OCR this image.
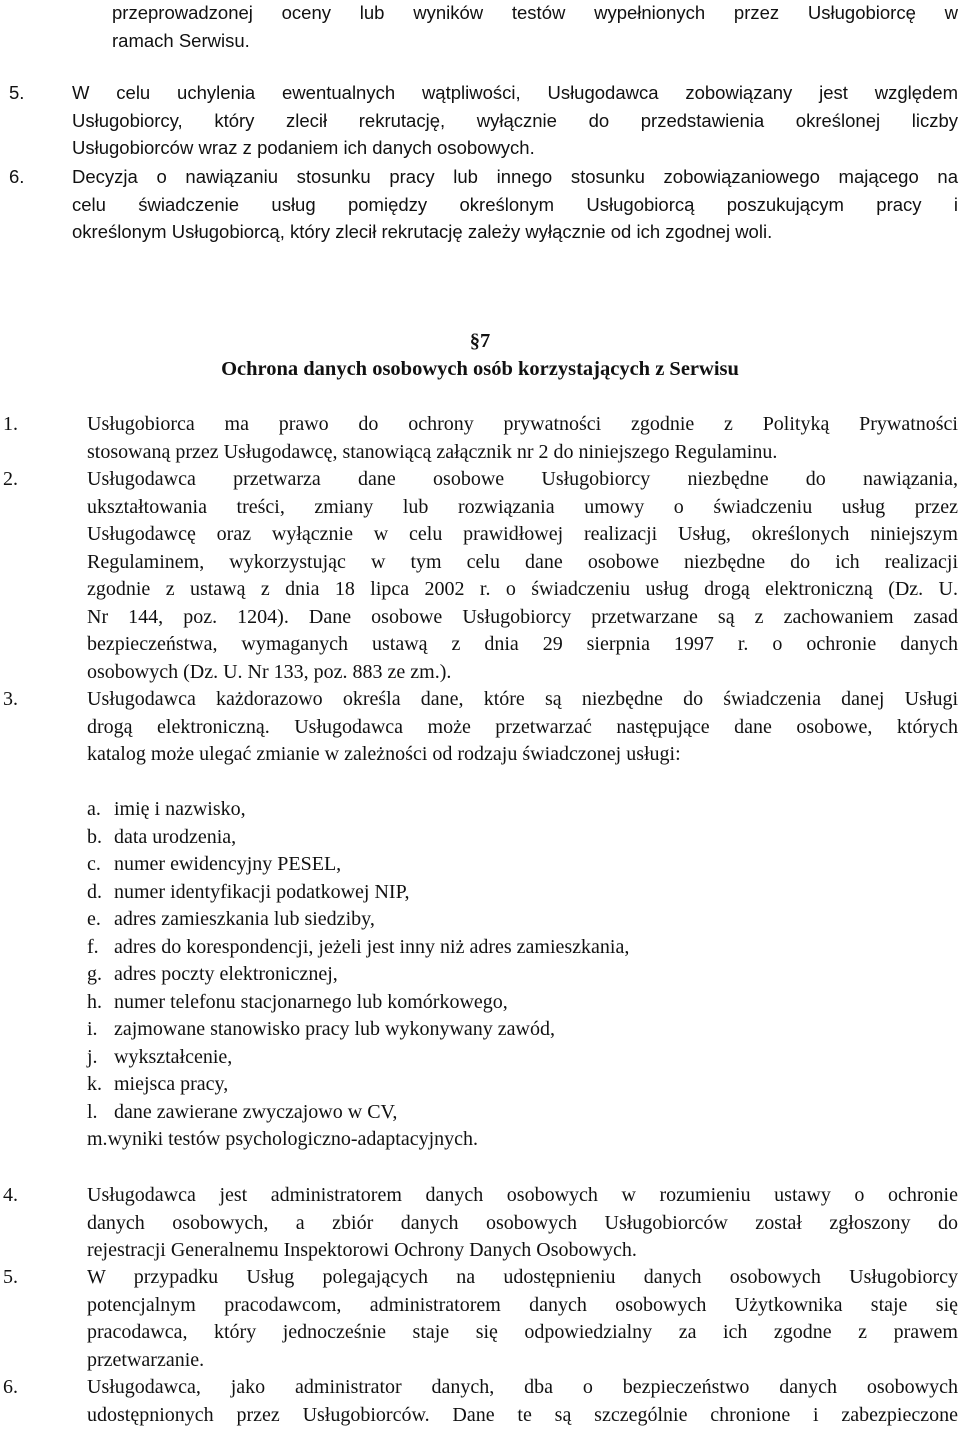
przeprowadzonej oceny lub wyników testów wypełnionych przez Usługobiorcę w
ramach Serwisu.
5.	W celu uchylenia ewentualnych wątpliwości, Usługodawca zobowiązany jest względem
Usługobiorcy, który zlecił rekrutację, wyłącznie do przedstawienia określonej liczby
Usługobiorców wraz z podaniem ich danych osobowych.
6.	Decyzja o nawiązaniu stosunku pracy lub innego stosunku zobowiązaniowego mającego na
celu świadczenie usług pomiędzy określonym Usługobiorcą poszukującym pracy i
określonym Usługobiorcą, który zlecił rekrutację zależy wyłącznie od ich zgodnej woli.
§7
Ochrona danych osobowych osób korzystających z Serwisu
1.	Usługobiorca ma prawo do ochrony prywatności zgodnie z Polityką Prywatności
stosowaną przez Usługodawcę, stanowiącą załącznik nr 2 do niniejszego Regulaminu.
2.	Usługodawca przetwarza dane osobowe Usługobiorcy niezbędne do nawiązania,
ukształtowania treści, zmiany lub rozwiązania umowy o świadczeniu usług przez
Usługodawcę oraz wyłącznie w celu prawidłowej realizacji Usług, określonych niniejszym
Regulaminem, wykorzystując w tym celu dane osobowe niezbędne do ich realizacji
zgodnie z ustawą z dnia 18 lipca 2002 r. o świadczeniu usług drogą elektroniczną (Dz. U.
Nr 144, poz. 1204). Dane osobowe Usługobiorcy przetwarzane są z zachowaniem zasad
bezpieczeństwa, wymaganych ustawą z dnia 29 sierpnia 1997 r. o ochronie danych
osobowych (Dz. U. Nr 133, poz. 883 ze zm.).
3.	Usługodawca każdorazowo określa dane, które są niezbędne do świadczenia danej Usługi
drogą elektroniczną. Usługodawca może przetwarzać następujące dane osobowe, których
katalog może ulegać zmianie w zależności od rodzaju świadczonej usługi:
a. imię i nazwisko,
b. data urodzenia,
c. numer ewidencyjny PESEL,
d. numer identyfikacji podatkowej NIP,
e. adres zamieszkania lub siedziby,
f. adres do korespondencji, jeżeli jest inny niż adres zamieszkania,
g. adres poczty elektronicznej,
h. numer telefonu stacjonarnego lub komórkowego,
i. zajmowane stanowisko pracy lub wykonywany zawód,
j. wykształcenie,
k. miejsca pracy,
l. dane zawierane zwyczajowo w CV,
m.wyniki testów psychologiczno-adaptacyjnych.
4.	Usługodawca jest administratorem danych osobowych w rozumieniu ustawy o ochronie
danych osobowych, a zbiór danych osobowych Usługobiorców został zgłoszony do
rejestracji Generalnemu Inspektorowi Ochrony Danych Osobowych.
5.	W przypadku Usług polegających na udostępnieniu danych osobowych Usługobiorcy
potencjalnym pracodawcom, administratorem danych osobowych Użytkownika staje się
pracodawca, który jednocześnie staje się odpowiedzialny za ich zgodne z prawem
przetwarzanie.
6.	Usługodawca, jako administrator danych, dba o bezpieczeństwo danych osobowych
udostępnionych przez Usługobiorców. Dane te są szczególnie chronione i zabezpieczone
